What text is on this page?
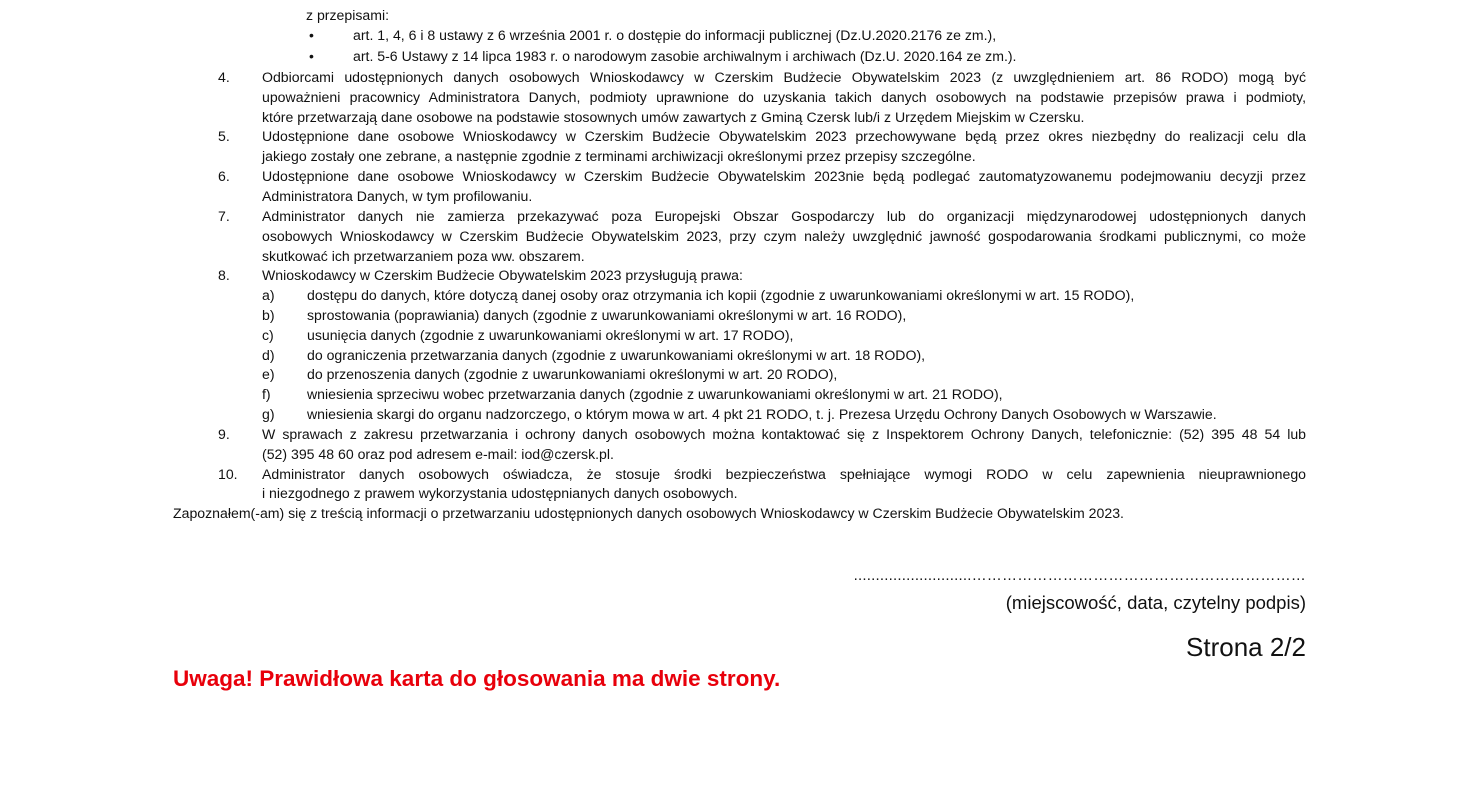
z przepisami:
•	art. 1, 4, 6 i 8 ustawy z 6 września 2001 r. o dostępie do informacji publicznej (Dz.U.2020.2176 ze zm.),
•	art. 5-6 Ustawy z 14 lipca 1983 r. o narodowym zasobie archiwalnym i archiwach (Dz.U. 2020.164 ze zm.).
4. Odbiorcami udostępnionych danych osobowych Wnioskodawcy w Czerskim Budżecie Obywatelskim 2023 (z uwzględnieniem art. 86 RODO) mogą być
upoważnieni pracownicy Administratora Danych, podmioty uprawnione do uzyskania takich danych osobowych na podstawie przepisów prawa i podmioty,
które przetwarzają dane osobowe na podstawie stosownych umów zawartych z Gminą Czersk lub/i z Urzędem Miejskim w Czersku.
5. Udostępnione dane osobowe Wnioskodawcy w Czerskim Budżecie Obywatelskim 2023 przechowywane będą przez okres niezbędny do realizacji celu dla
jakiego zostały one zebrane, a następnie zgodnie z terminami archiwizacji określonymi przez przepisy szczególne.
6. Udostępnione dane osobowe Wnioskodawcy w Czerskim Budżecie Obywatelskim 2023nie będą podlegać zautomatyzowanemu podejmowaniu decyzji przez
Administratora Danych, w tym profilowaniu.
7. Administrator danych nie zamierza przekazywać poza Europejski Obszar Gospodarczy lub do organizacji międzynarodowej udostępnionych danych
osobowych Wnioskodawcy w Czerskim Budżecie Obywatelskim 2023, przy czym należy uwzględnić jawność gospodarowania środkami publicznymi, co może
skutkować ich przetwarzaniem poza ww. obszarem.
8. Wnioskodawcy w Czerskim Budżecie Obywatelskim 2023 przysługują prawa:
a) dostępu do danych, które dotyczą danej osoby oraz otrzymania ich kopii (zgodnie z uwarunkowaniami określonymi w art. 15 RODO),
b) sprostowania (poprawiania) danych (zgodnie z uwarunkowaniami określonymi w art. 16 RODO),
c) usunięcia danych (zgodnie z uwarunkowaniami określonymi w art. 17 RODO),
d) do ograniczenia przetwarzania danych (zgodnie z uwarunkowaniami określonymi w art. 18 RODO),
e) do przenoszenia danych (zgodnie z uwarunkowaniami określonymi w art. 20 RODO),
f)	wniesienia sprzeciwu wobec przetwarzania danych (zgodnie z uwarunkowaniami określonymi w art. 21 RODO),
g) wniesienia skargi do organu nadzorczego, o którym mowa w art. 4 pkt 21 RODO, t. j. Prezesa Urzędu Ochrony Danych Osobowych w Warszawie.
9. W sprawach z zakresu przetwarzania i ochrony danych osobowych można kontaktować się z Inspektorem Ochrony Danych, telefonicznie: (52) 395 48 54 lub
(52) 395 48 60 oraz pod adresem e-mail: iod@czersk.pl.
10. Administrator danych osobowych oświadcza, że stosuje środki bezpieczeństwa spełniające wymogi RODO w celu zapewnienia nieuprawnionego
i niezgodnego z prawem wykorzystania udostępnianych danych osobowych.
Zapoznałem(-am) się z treścią informacji o przetwarzaniu udostępnionych danych osobowych Wnioskodawcy w Czerskim Budżecie Obywatelskim 2023.
...........................…………………………………………………………
(miejscowość, data, czytelny podpis)
Strona 2/2
Uwaga! Prawidłowa karta do głosowania ma dwie strony.
